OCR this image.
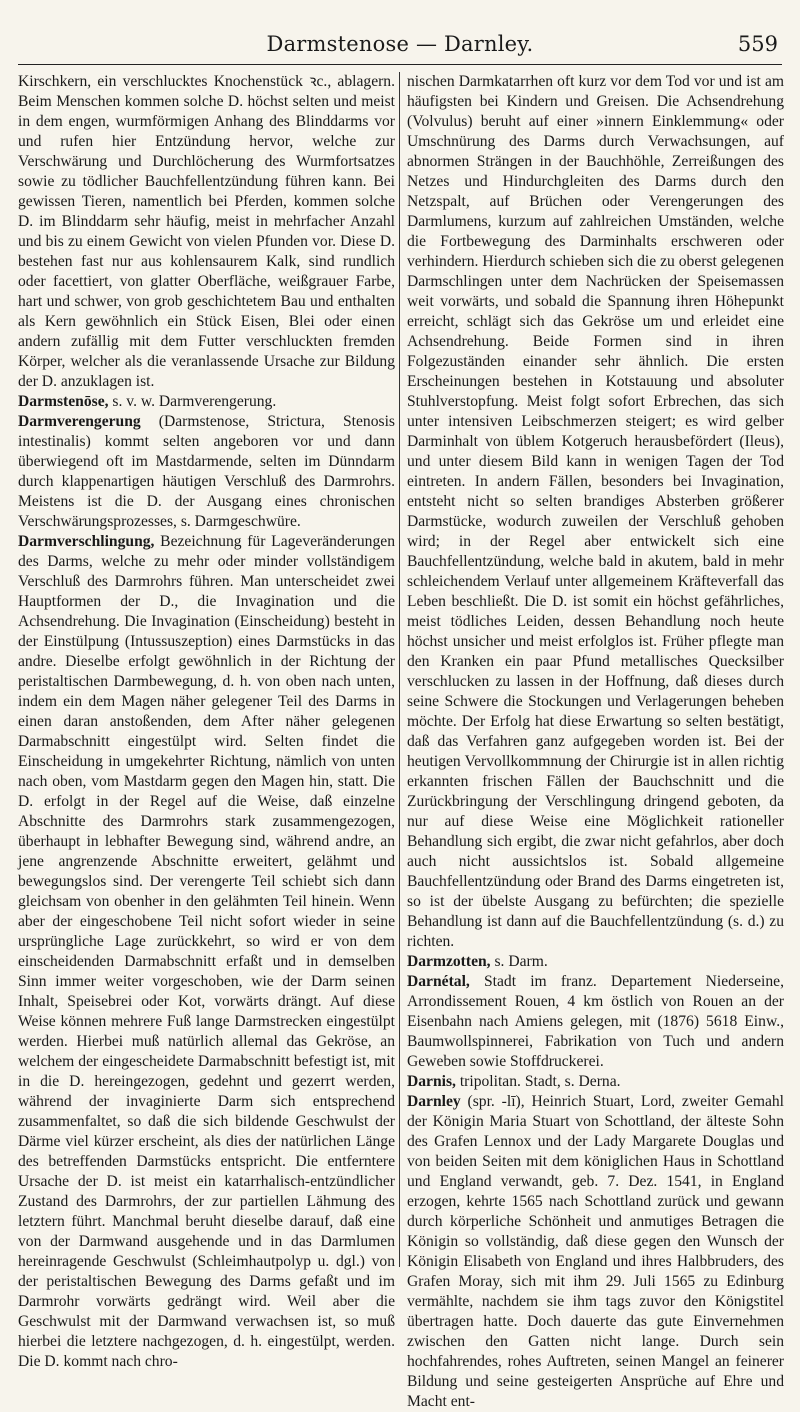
Darmstenose — Darnley.	559

Kirschkern, ein verschlucktes Knochenstück ꝛc., ablagern. Beim Menschen kommen solche D. höchst selten und meist in dem engen, wurmförmigen Anhang des Blinddarms vor und rufen hier Entzündung hervor, welche zur Verschwärung und Durchlöcherung des Wurmfortsatzes sowie zu tödlicher Bauchfellentzündung führen kann. Bei gewissen Tieren, namentlich bei Pferden, kommen solche D. im Blinddarm sehr häufig, meist in mehrfacher Anzahl und bis zu einem Gewicht von vielen Pfunden vor. Diese D. bestehen fast nur aus kohlensaurem Kalk, sind rundlich oder facettiert, von glatter Oberfläche, weißgrauer Farbe, hart und schwer, von grob geschichtetem Bau und enthalten als Kern gewöhnlich ein Stück Eisen, Blei oder einen andern zufällig mit dem Futter verschluckten fremden Körper, welcher als die veranlassende Ursache zur Bildung der D. anzuklagen ist.

Darmstenōse, s. v. w. Darmverengerung.

Darmverengerung (Darmstenose, Strictura, Stenosis intestinalis) kommt selten angeboren vor und dann überwiegend oft im Mastdarmende, selten im Dünndarm durch klappenartigen häutigen Verschluß des Darmrohrs. Meistens ist die D. der Ausgang eines chronischen Verschwärungsprozesses, s. Darmgeschwüre.

Darmverschlingung, Bezeichnung für Lageveränderungen des Darms, welche zu mehr oder minder vollständigem Verschluß des Darmrohrs führen. Man unterscheidet zwei Hauptformen der D., die Invagination und die Achsendrehung. Die Invagination (Einscheidung) besteht in der Einstülpung (Intussuszeption) eines Darmstücks in das andre. Dieselbe erfolgt gewöhnlich in der Richtung der peristaltischen Darmbewegung, d. h. von oben nach unten, indem ein dem Magen näher gelegener Teil des Darms in einen daran anstoßenden, dem After näher gelegenen Darmabschnitt eingestülpt wird. Selten findet die Einscheidung in umgekehrter Richtung, nämlich von unten nach oben, vom Mastdarm gegen den Magen hin, statt. Die D. erfolgt in der Regel auf die Weise, daß einzelne Abschnitte des Darmrohrs stark zusammengezogen, überhaupt in lebhafter Bewegung sind, während andre, an jene angrenzende Abschnitte erweitert, gelähmt und bewegungslos sind. Der verengerte Teil schiebt sich dann gleichsam von obenher in den gelähmten Teil hinein. Wenn aber der eingeschobene Teil nicht sofort wieder in seine ursprüngliche Lage zurückkehrt, so wird er von dem einscheidenden Darmabschnitt erfaßt und in demselben Sinn immer weiter vorgeschoben, wie der Darm seinen Inhalt, Speisebrei oder Kot, vorwärts drängt. Auf diese Weise können mehrere Fuß lange Darmstrecken eingestülpt werden. Hierbei muß natürlich allemal das Gekröse, an welchem der eingescheidete Darmabschnitt befestigt ist, mit in die D. hereingezogen, gedehnt und gezerrt werden, während der invaginierte Darm sich entsprechend zusammenfaltet, so daß die sich bildende Geschwulst der Därme viel kürzer erscheint, als dies der natürlichen Länge des betreffenden Darmstücks entspricht. Die entferntere Ursache der D. ist meist ein katarrhalisch-entzündlicher Zustand des Darmrohrs, der zur partiellen Lähmung des letztern führt. Manchmal beruht dieselbe darauf, daß eine von der Darmwand ausgehende und in das Darmlumen hereinragende Geschwulst (Schleimhautpolyp u. dgl.) von der peristaltischen Bewegung des Darms gefaßt und im Darmrohr vorwärts gedrängt wird. Weil aber die Geschwulst mit der Darmwand verwachsen ist, so muß hierbei die letztere nachgezogen, d. h. eingestülpt, werden. Die D. kommt nach chro-

nischen Darmkatarrhen oft kurz vor dem Tod vor und ist am häufigsten bei Kindern und Greisen. Die Achsendrehung (Volvulus) beruht auf einer »innern Einklemmung« oder Umschnürung des Darms durch Verwachsungen, auf abnormen Strängen in der Bauchhöhle, Zerreißungen des Netzes und Hindurchgleiten des Darms durch den Netzspalt, auf Brüchen oder Verengerungen des Darmlumens, kurzum auf zahlreichen Umständen, welche die Fortbewegung des Darminhalts erschweren oder verhindern. Hierdurch schieben sich die zu oberst gelegenen Darmschlingen unter dem Nachrücken der Speisemassen weit vorwärts, und sobald die Spannung ihren Höhepunkt erreicht, schlägt sich das Gekröse um und erleidet eine Achsendrehung. Beide Formen sind in ihren Folgezuständen einander sehr ähnlich. Die ersten Erscheinungen bestehen in Kotstauung und absoluter Stuhlverstopfung. Meist folgt sofort Erbrechen, das sich unter intensiven Leibschmerzen steigert; es wird gelber Darminhalt von üblem Kotgeruch herausbefördert (Ileus), und unter diesem Bild kann in wenigen Tagen der Tod eintreten. In andern Fällen, besonders bei Invagination, entsteht nicht so selten brandiges Absterben größerer Darmstücke, wodurch zuweilen der Verschluß gehoben wird; in der Regel aber entwickelt sich eine Bauchfellentzündung, welche bald in akutem, bald in mehr schleichendem Verlauf unter allgemeinem Kräfteverfall das Leben beschließt. Die D. ist somit ein höchst gefährliches, meist tödliches Leiden, dessen Behandlung noch heute höchst unsicher und meist erfolglos ist. Früher pflegte man den Kranken ein paar Pfund metallisches Quecksilber verschlucken zu lassen in der Hoffnung, daß dieses durch seine Schwere die Stockungen und Verlagerungen beheben möchte. Der Erfolg hat diese Erwartung so selten bestätigt, daß das Verfahren ganz aufgegeben worden ist. Bei der heutigen Vervollkommnung der Chirurgie ist in allen richtig erkannten frischen Fällen der Bauchschnitt und die Zurückbringung der Verschlingung dringend geboten, da nur auf diese Weise eine Möglichkeit rationeller Behandlung sich ergibt, die zwar nicht gefahrlos, aber doch auch nicht aussichtslos ist. Sobald allgemeine Bauchfellentzündung oder Brand des Darms eingetreten ist, so ist der übelste Ausgang zu befürchten; die spezielle Behandlung ist dann auf die Bauchfellentzündung (s. d.) zu richten.

Darmzotten, s. Darm.

Darnétal, Stadt im franz. Departement Niederseine, Arrondissement Rouen, 4 km östlich von Rouen an der Eisenbahn nach Amiens gelegen, mit (1876) 5618 Einw., Baumwollspinnerei, Fabrikation von Tuch und andern Geweben sowie Stoffdruckerei.

Darnis, tripolitan. Stadt, s. Derna.

Darnley (spr. -lī), Heinrich Stuart, Lord, zweiter Gemahl der Königin Maria Stuart von Schottland, der älteste Sohn des Grafen Lennox und der Lady Margarete Douglas und von beiden Seiten mit dem königlichen Haus in Schottland und England verwandt, geb. 7. Dez. 1541, in England erzogen, kehrte 1565 nach Schottland zurück und gewann durch körperliche Schönheit und anmutiges Betragen die Königin so vollständig, daß diese gegen den Wunsch der Königin Elisabeth von England und ihres Halbbruders, des Grafen Moray, sich mit ihm 29. Juli 1565 zu Edinburg vermählte, nachdem sie ihm tags zuvor den Königstitel übertragen hatte. Doch dauerte das gute Einvernehmen zwischen den Gatten nicht lange. Durch sein hochfahrendes, rohes Auftreten, seinen Mangel an feinerer Bildung und seine gesteigerten Ansprüche auf Ehre und Macht ent-
